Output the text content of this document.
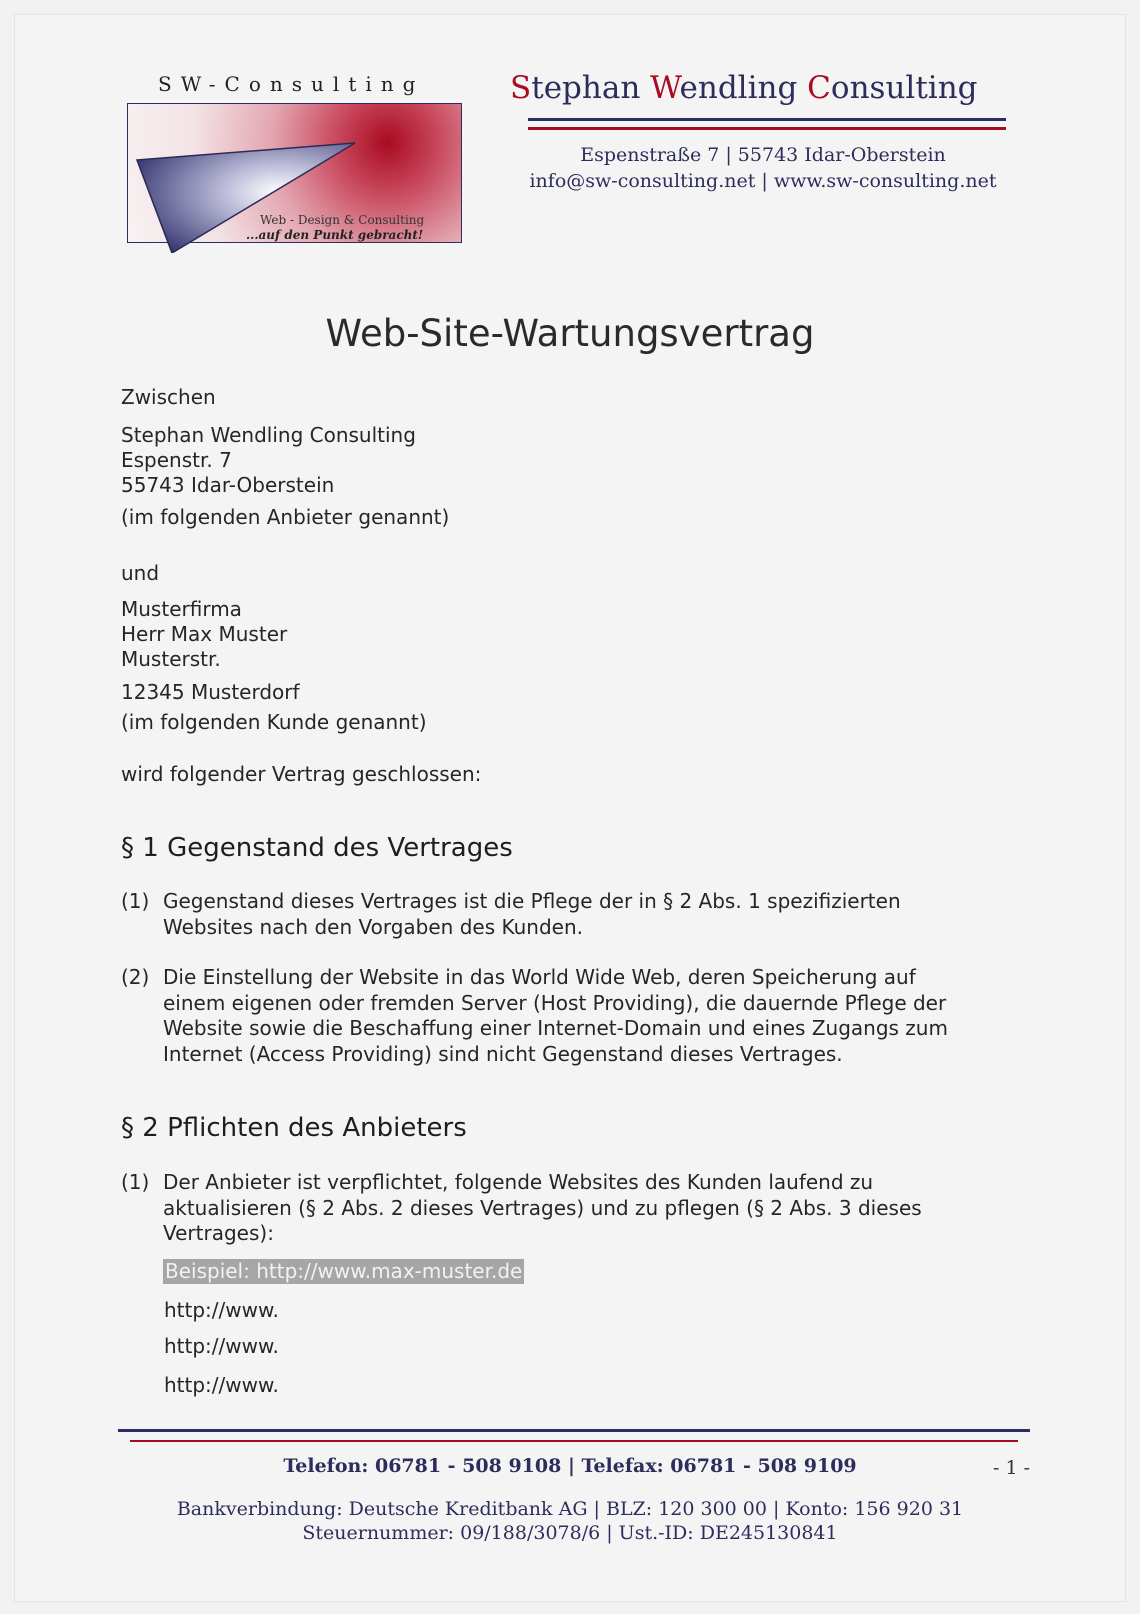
SW-Consulting
Web - Design & Consulting
...auf den Punkt gebracht!
Stephan Wendling Consulting
Espenstraße 7 | 55743 Idar-Oberstein
info@sw-consulting.net | www.sw-consulting.net
Web-Site-Wartungsvertrag
Zwischen
Stephan Wendling Consulting
Espenstr. 7
55743 Idar-Oberstein
(im folgenden Anbieter genannt)
und
Musterfirma
Herr Max Muster
Musterstr.
12345 Musterdorf
(im folgenden Kunde genannt)
wird folgender Vertrag geschlossen:
§ 1 Gegenstand des Vertrages
(1) Gegenstand dieses Vertrages ist die Pflege der in § 2 Abs. 1 spezifizierten
Websites nach den Vorgaben des Kunden.
(2) Die Einstellung der Website in das World Wide Web, deren Speicherung auf
einem eigenen oder fremden Server (Host Providing), die dauernde Pflege der
Website sowie die Beschaffung einer Internet-Domain und eines Zugangs zum
Internet (Access Providing) sind nicht Gegenstand dieses Vertrages.
§ 2 Pflichten des Anbieters
(1) Der Anbieter ist verpflichtet, folgende Websites des Kunden laufend zu
aktualisieren (§ 2 Abs. 2 dieses Vertrages) und zu pflegen (§ 2 Abs. 3 dieses
Vertrages):
Beispiel: http://www.max-muster.de
http://www.
http://www.
http://www.
Telefon: 06781 - 508 9108 | Telefax: 06781 - 508 9109	- 1 -
Bankverbindung: Deutsche Kreditbank AG | BLZ: 120 300 00 | Konto: 156 920 31
Steuernummer: 09/188/3078/6 | Ust.-ID: DE245130841
